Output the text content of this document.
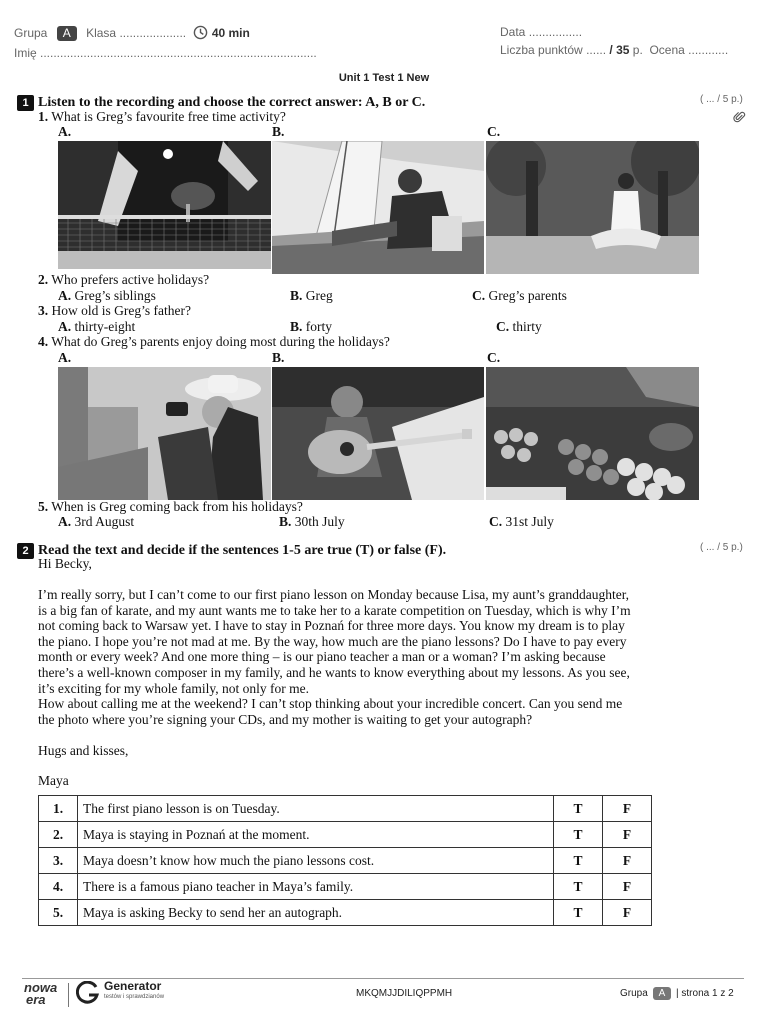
Grupa A Klasa .................... 40 min
Imię ...................................................................................
Data ................
Liczba punktów ...... / 35 p. Ocena ............
Unit 1 Test 1 New
1 Listen to the recording and choose the correct answer: A, B or C.	( ... / 5 p.)
1. What is Greg’s favourite free time activity?
A.	B.	C.
2. Who prefers active holidays?
A. Greg’s siblings	B. Greg	C. Greg’s parents
3. How old is Greg’s father?
A. thirty-eight	B. forty	C. thirty
4. What do Greg’s parents enjoy doing most during the holidays?
A.	B.	C.
5. When is Greg coming back from his holidays?
A. 3rd August	B. 30th July	C. 31st July
2 Read the text and decide if the sentences 1-5 are true (T) or false (F).	( ... / 5 p.)
Hi Becky,
I’m really sorry, but I can’t come to our first piano lesson on Monday because Lisa, my aunt’s granddaughter,
is a big fan of karate, and my aunt wants me to take her to a karate competition on Tuesday, which is why I’m
not coming back to Warsaw yet. I have to stay in Poznań for three more days. You know my dream is to play
the piano. I hope you’re not mad at me. By the way, how much are the piano lessons? Do I have to pay every
month or every week? And one more thing – is our piano teacher a man or a woman? I’m asking because
there’s a well-known composer in my family, and he wants to know everything about my lessons. As you see,
it’s exciting for my whole family, not only for me.
How about calling me at the weekend? I can’t stop thinking about your incredible concert. Can you send me
the photo where you’re signing your CDs, and my mother is waiting to get your autograph?
Hugs and kisses,
Maya
1.	The first piano lesson is on Tuesday.	T	F
2.	Maya is staying in Poznań at the moment.	T	F
3.	Maya doesn’t know how much the piano lessons cost.	T	F
4.	There is a famous piano teacher in Maya’s family.	T	F
5.	Maya is asking Becky to send her an autograph.	T	F
nowa
era

Generator
testów i sprawdzianów	MKQMJJDILIQPPMH	Grupa A | strona 1 z 2
